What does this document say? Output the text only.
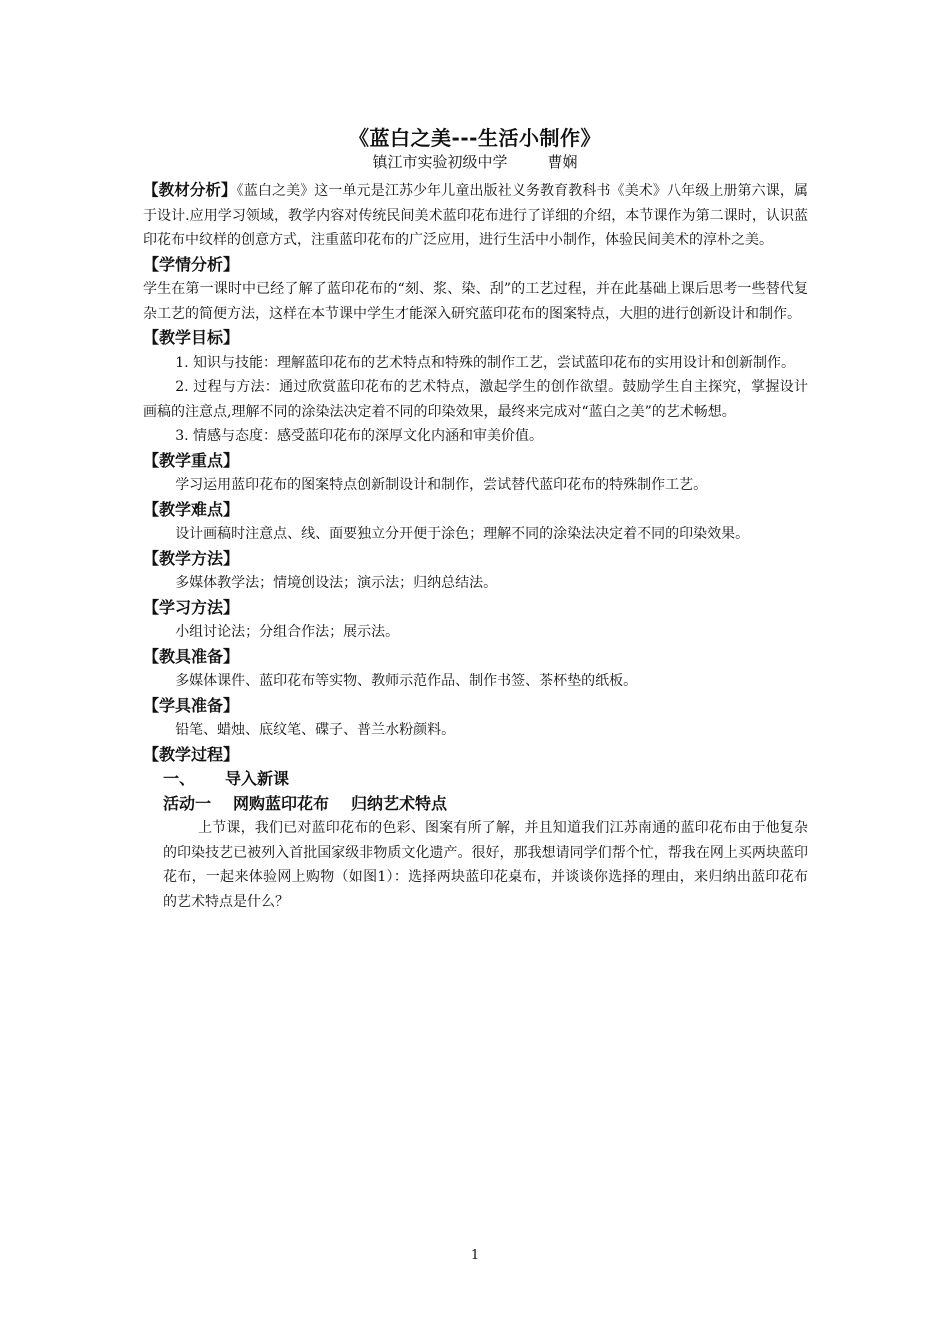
《蓝白之美---生活小制作》
镇江市实验初级中学	曹娴

【教材分析】《蓝白之美》这一单元是江苏少年儿童出版社义务教育教科书《美术》八年级上册第六课，属于设计.应用学习领域，教学内容对传统民间美术蓝印花布进行了详细的介绍，本节课作为第二课时，认识蓝印花布中纹样的创意方式，注重蓝印花布的广泛应用，进行生活中小制作，体验民间美术的淳朴之美。

【学情分析】

学生在第一课时中已经了解了蓝印花布的“刻、浆、染、刮”的工艺过程，并在此基础上课后思考一些替代复杂工艺的简便方法，这样在本节课中学生才能深入研究蓝印花布的图案特点，大胆的进行创新设计和制作。

【教学目标】

1. 知识与技能：理解蓝印花布的艺术特点和特殊的制作工艺，尝试蓝印花布的实用设计和创新制作。

2. 过程与方法：通过欣赏蓝印花布的艺术特点，激起学生的创作欲望。鼓励学生自主探究，掌握设计画稿的注意点,理解不同的涂染法决定着不同的印染效果，最终来完成对“蓝白之美”的艺术畅想。

3. 情感与态度：感受蓝印花布的深厚文化内涵和审美价值。

【教学重点】

学习运用蓝印花布的图案特点创新制设计和制作，尝试替代蓝印花布的特殊制作工艺。

【教学难点】

设计画稿时注意点、线、面要独立分开便于涂色；理解不同的涂染法决定着不同的印染效果。

【教学方法】

多媒体教学法；情境创设法；演示法；归纳总结法。

【学习方法】

小组讨论法；分组合作法；展示法。

【教具准备】

多媒体课件、蓝印花布等实物、教师示范作品、制作书签、茶杯垫的纸板。

【学具准备】

铅笔、蜡烛、底纹笔、碟子、普兰水粉颜料。

【教学过程】
一、 导入新课
活动一 网购蓝印花布 归纳艺术特点

上节课，我们已对蓝印花布的色彩、图案有所了解，并且知道我们江苏南通的蓝印花布由于他复杂的印染技艺已被列入首批国家级非物质文化遗产。很好，那我想请同学们帮个忙，帮我在网上买两块蓝印花布，一起来体验网上购物（如图1）：选择两块蓝印花桌布，并谈谈你选择的理由，来归纳出蓝印花布的艺术特点是什么？

1
